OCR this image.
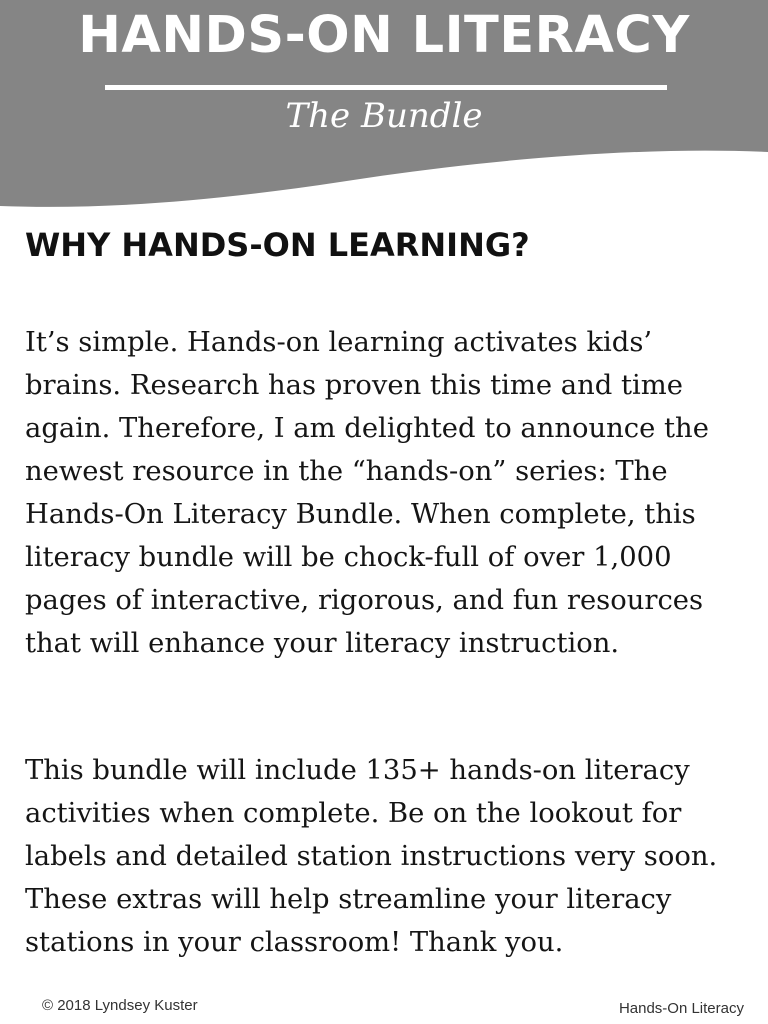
HANDS-ON LITERACY
The Bundle
WHY HANDS-ON LEARNING?

It’s simple. Hands-on learning activates kids’ brains. Research has proven this time and time again. Therefore, I am delighted to announce the newest resource in the “hands-on” series: The Hands-On Literacy Bundle. When complete, this literacy bundle will be chock-full of over 1,000 pages of interactive, rigorous, and fun resources that will enhance your literacy instruction.

This bundle will include 135+ hands-on literacy activities when complete. Be on the lookout for labels and detailed station instructions very soon. These extras will help streamline your literacy stations in your classroom! Thank you.

© 2018 Lyndsey Kuster	Hands-On Literacy
